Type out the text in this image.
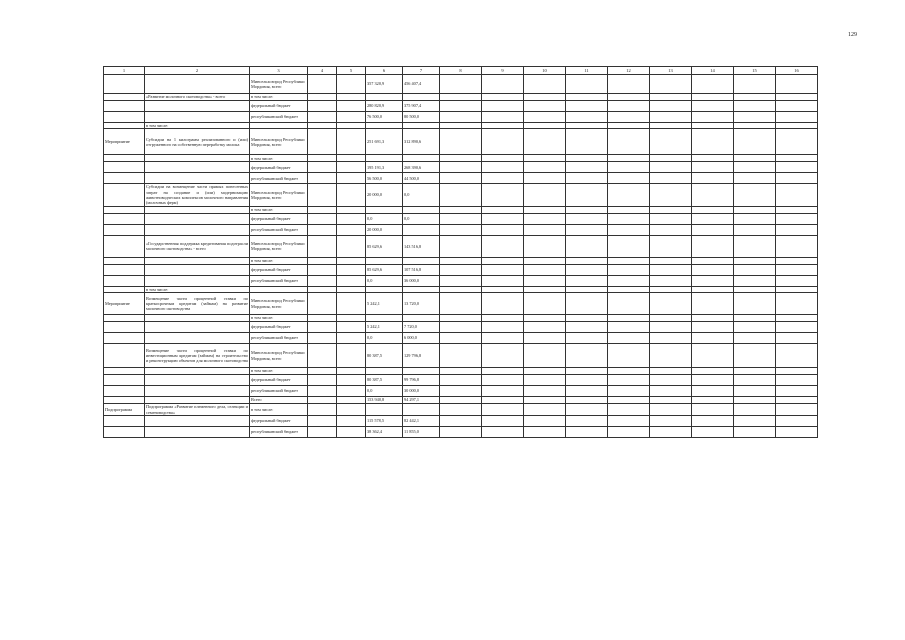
129
1	2	3	4	5	6	7	8	9	10	11	12	13	14	15	16
		Минсельхозпрод Республики Мордовия, всего			357 320,9	456 407,4									
	«Развитие молочного скотоводства» - всего	в том числе:													
		федеральный бюджет			280 820,9	375 907,4									
		республиканский бюджет			76 500,0	80 500,0									
	в том числе:														
Мероприятие	Субсидии на 1 килограмм реализованного и (или) отгруженного на собственную переработку молока	Минсельхозпрод Республики Мордовия, всего			251 691,3	312 890,6									
		в том числе:													
		федеральный бюджет			195 191,3	268 390,6									
		республиканский бюджет			56 500,0	44 500,0									
	Субсидии на возмещение части прямых понесенных затрат на создание и (или) модернизацию животноводческих комплексов молочного направления (молочных ферм)	Минсельхозпрод Республики Мордовия, всего			20 000,0	0,0									
		в том числе:													
		федеральный бюджет			0,0	0,0									
		республиканский бюджет			20 000,0										
	«Государственная поддержка кредитования подотрасли молочного скотоводства» - всего	Минсельхозпрод Республики Мордовия, всего			85 629,6	143 516,8									
		в том числе:													
		федеральный бюджет			85 629,6	107 516,8									
		республиканский бюджет			0,0	36 000,0									
	в том числе:														
Мероприятие	Возмещение части процентной ставки по краткосрочным кредитам (займам) на развитие молочного скотоводства	Минсельхозпрод Республики Мордовия, всего			5 242,1	13 720,0									
		в том числе:													
		федеральный бюджет			5 242,1	7 720,0									
		республиканский бюджет			0,0	6 000,0									
	Возмещение части процентной ставки по инвестиционным кредитам (займам) на строительство и реконструкцию объектов для молочного скотоводства	Минсельхозпрод Республики Мордовия, всего			80 387,5	129 796,8									
		в том числе:													
		федеральный бюджет			80 387,5	99 796,8									
		республиканский бюджет			0,0	30 000,0									
		Всего			153 940,8	94 297,1									
Подпрограмма	Подпрограмма «Развитие племенного дела, селекции и семеноводства»	в том числе:													
		федеральный бюджет			115 578,5	82 442,1									
		республиканский бюджет			38 362,4	11 855,0									
